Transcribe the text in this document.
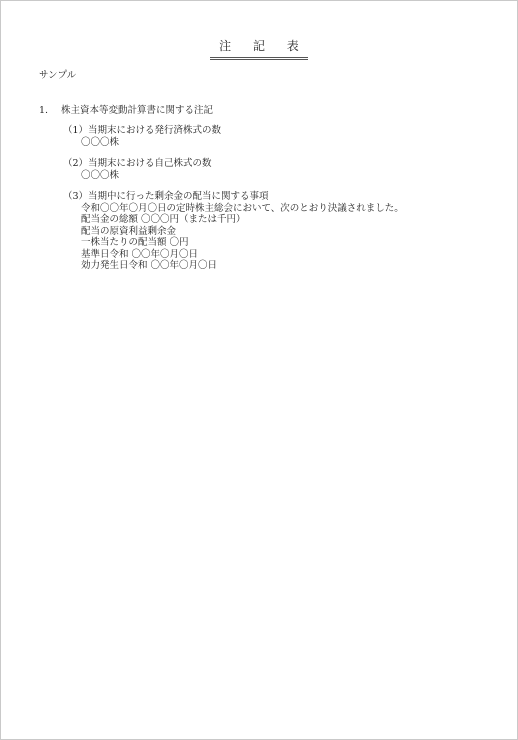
注 記 表
サンプル
1. 株主資本等変動計算書に関する注記
（1）当期末における発行済株式の数
〇〇〇株
（2）当期末における自己株式の数
〇〇〇株
（3）当期中に行った剰余金の配当に関する事項
令和〇〇年〇月〇日の定時株主総会において、次のとおり決議されました。
配当金の総額 〇〇〇円（または千円）
配当の原資利益剰余金
一株当たりの配当額 〇円
基準日令和 〇〇年〇月〇日
効力発生日令和 〇〇年〇月〇日
